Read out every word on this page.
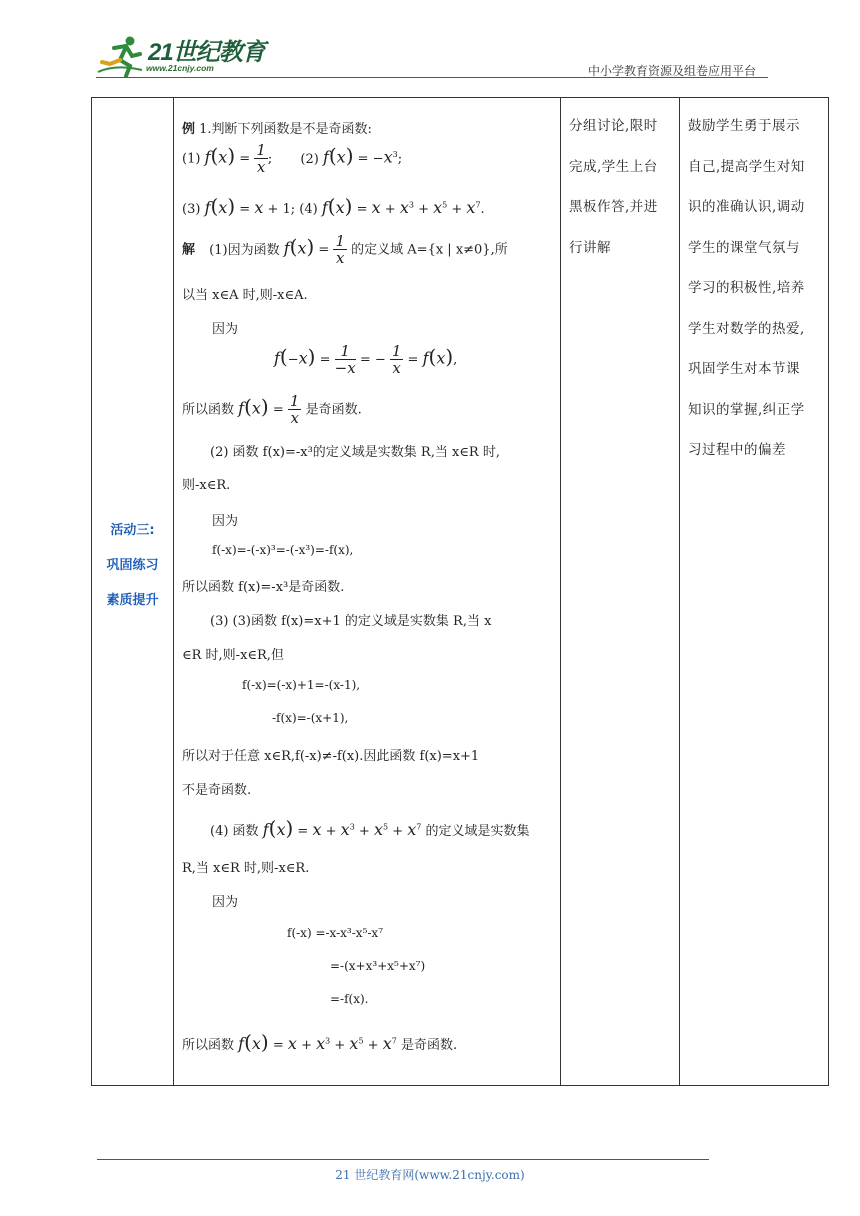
21世纪教育
www.21cnjy.com	中小学教育资源及组卷应用平台
活动三:
巩固练习
素质提升

例 1.判断下列函数是不是奇函数:
(1) $f(x) = \frac{1}{x}$ ; (2) $f(x) = -x^3$;
(3) f(x) = x + 1; (4) $f(x) = x + x^3 + x^5 + x^7$.
解 (1)因为函数 $f(x) = \frac{1}{x}$ 的定义域 A={x | x≠0},所
以当 x∈A 时,则-x∈A.
因为
$f(-x) = \frac{1}{-x}$ = − $\frac{1}{x} = f(x)$,
所以函数 $f(x) = \frac{1}{x}$ 是奇函数.
(2) 函数 f(x)=-x³的定义域是实数集 R,当 x∈R 时,
则-x∈R.
因为
f(-x)=-(-x)³=-(-x³)=-f(x),
所以函数 f(x)=-x³是奇函数.
(3) (3)函数 f(x)=x+1 的定义域是实数集 R,当 x
∈R 时,则-x∈R,但
f(-x)=(-x)+1=-(x-1),
-f(x)=-(x+1),
所以对于任意 x∈R,f(-x)≠-f(x).因此函数 f(x)=x+1
不是奇函数.
(4) 函数 $f(x) = x + x^3 + x^5 + x^7$ 的定义域是实数集
R,当 x∈R 时,则-x∈R.
因为
f(-x) =-x-x³-x⁵-x⁷
=-(x+x³+x⁵+x⁷)
=-f(x).
所以函数 $f(x) = x + x^3 + x^5 + x^7$ 是奇函数.

分组讨论,限时
完成,学生上台
黑板作答,并进
行讲解

鼓励学生勇于展示
自己,提高学生对知
识的准确认识,调动
学生的课堂气氛与
学习的积极性,培养
学生对数学的热爱,
巩固学生对本节课
知识的掌握,纠正学
习过程中的偏差
21 世纪教育网(www.21cnjy.com)
